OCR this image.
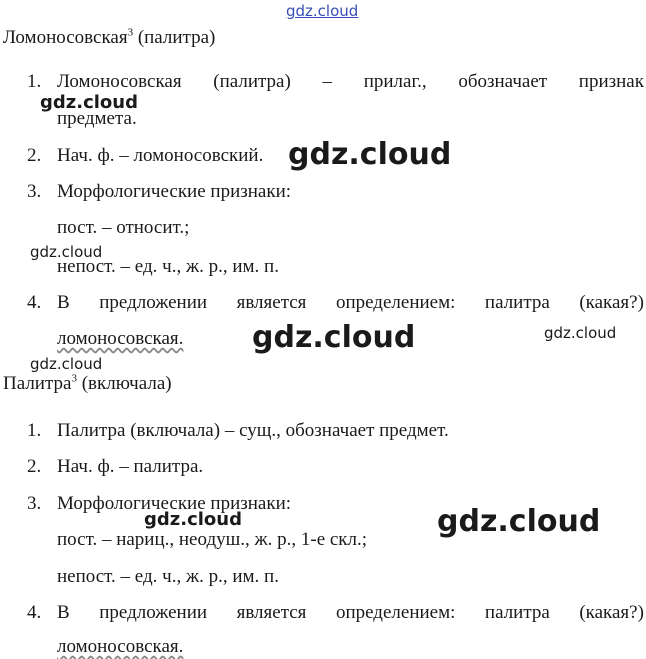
gdz.cloud
Ломоносовская$^3$ (палитра)
1. Ломоносовская (палитра) – прилаг., обозначает признак
предмета.
2. Нач. ф. – ломоносовский.
3. Морфологические признаки:
пост. – относит.;
непост. – ед. ч., ж. р., им. п.
4. В предложении является определением: палитра (какая?)
ломоносовская.
Палитра$^3$ (включала)
1. Палитра (включала) – сущ., обозначает предмет.
2. Нач. ф. – палитра.
3. Морфологические признаки:
пост. – нариц., неодуш., ж. р., 1-е скл.;
непост. – ед. ч., ж. р., им. п.
4. В предложении является определением: палитра (какая?)
ломоносовская.
gdz.cloud
gdz.cloud
gdz.cloud
gdz.cloud	gdz.cloud
gdz.cloud
gdz.cloud	gdz.cloud
